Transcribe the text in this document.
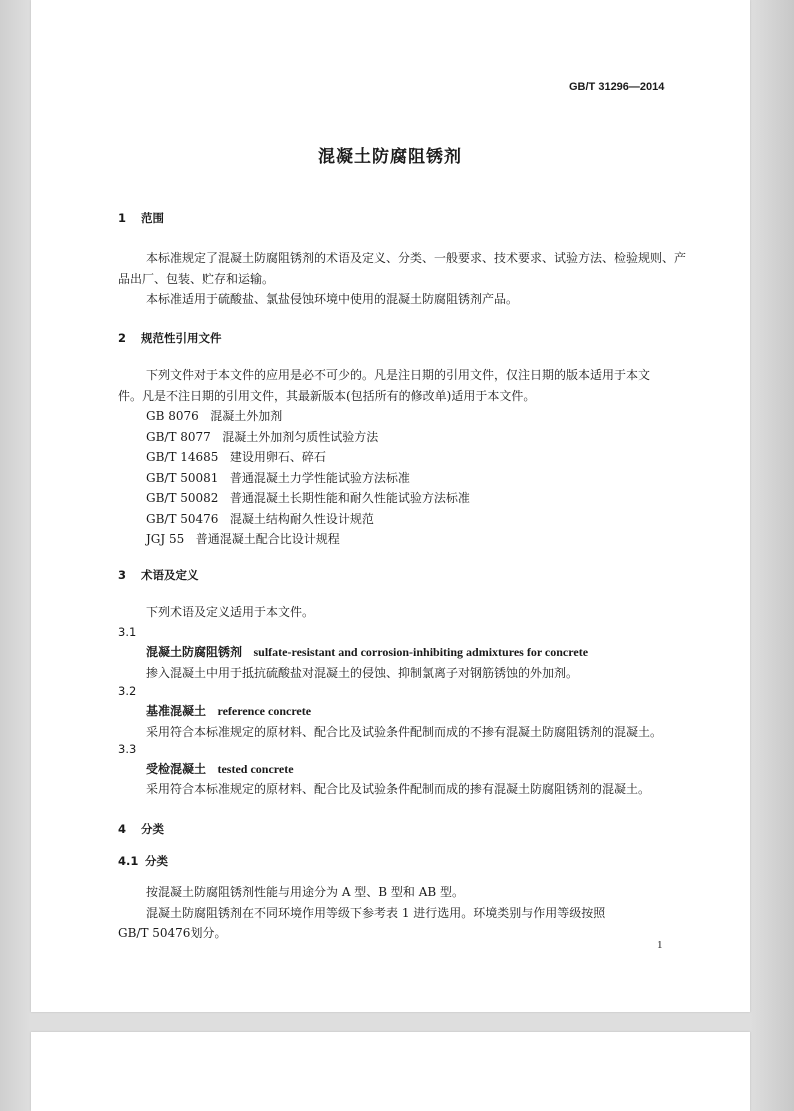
GB/T 31296—2014
混凝土防腐阻锈剂
1 范围
本标准规定了混凝土防腐阻锈剂的术语及定义、分类、一般要求、技术要求、试验方法、检验规则、产
品出厂、包装、贮存和运输。
本标准适用于硫酸盐、氯盐侵蚀环境中使用的混凝土防腐阻锈剂产品。
2 规范性引用文件
下列文件对于本文件的应用是必不可少的。凡是注日期的引用文件，仅注日期的版本适用于本文
件。凡是不注日期的引用文件，其最新版本(包括所有的修改单)适用于本文件。
GB 8076 混凝土外加剂
GB/T 8077 混凝土外加剂匀质性试验方法
GB/T 14685 建设用卵石、碎石
GB/T 50081 普通混凝土力学性能试验方法标准
GB/T 50082 普通混凝土长期性能和耐久性能试验方法标准
GB/T 50476 混凝土结构耐久性设计规范
JGJ 55 普通混凝土配合比设计规程
3 术语及定义
下列术语及定义适用于本文件。
3.1
混凝土防腐阻锈剂 sulfate-resistant and corrosion-inhibiting admixtures for concrete
掺入混凝土中用于抵抗硫酸盐对混凝土的侵蚀、抑制氯离子对钢筋锈蚀的外加剂。
3.2
基准混凝土 reference concrete
采用符合本标准规定的原材料、配合比及试验条件配制而成的不掺有混凝土防腐阻锈剂的混凝土。
3.3
受检混凝土 tested concrete
采用符合本标准规定的原材料、配合比及试验条件配制而成的掺有混凝土防腐阻锈剂的混凝土。
4 分类
4.1 分类
按混凝土防腐阻锈剂性能与用途分为 A 型、B 型和 AB 型。
混凝土防腐阻锈剂在不同环境作用等级下参考表 1 进行选用。环境类别与作用等级按照
GB/T 50476划分。
1
